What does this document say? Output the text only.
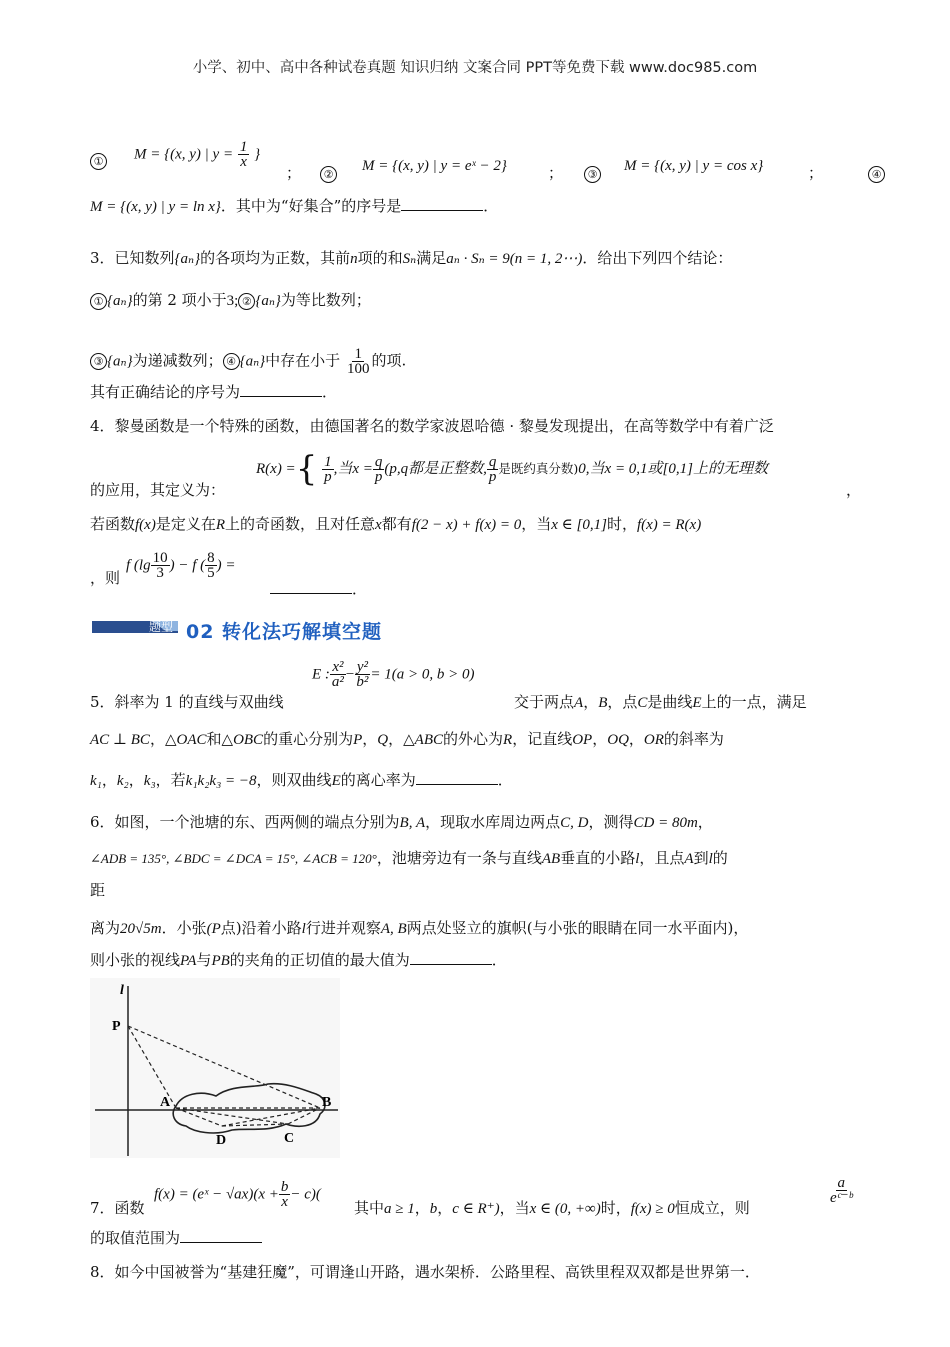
小学、初中、高中各种试卷真题 知识归纳 文案合同 PPT等免费下载 www.doc985.com
① M = {(x, y) | $y = \frac{1}{x}$ }
；	② M = {(x, y) | y = eˣ − 2}	；	③ M = {(x, y) | y = cos x}	；	④
M = {(x, y) | y = ln x}．其中为“好集合”的序号是	．
3．已知数列{aₙ}的各项均为正数，其前n项的和Sₙ满足aₙ · Sₙ = 9(n = 1, 2⋯)．给出下列四个结论：
① {aₙ}的第 2 项小于3; ② {aₙ}为等比数列；
③ {aₙ}为递减数列； ④ {aₙ}中存在小于 $\frac{1}{100}$ 的项.
其有正确结论的序号为	．
4．黎曼函数是一个特殊的函数，由德国著名的数学家波恩哈德 · 黎曼发现提出，在高等数学中有着广泛
R(x) ={ $\frac{1}{p}$ ,当$x = \frac{q}{p} (p,q$都是正整数, $\frac{q}{p}$ 是既约真分数)0,当x = 0,1或[0,1]上的无理数
的应用，其定义为：	，
若函数f(x)是定义在R上的奇函数，且对任意x都有f(2 − x) + f(x) = 0，当x ∈ [0,1]时，f(x) = R(x)
，则
f ($\lg \frac{10}{3}$ ) − f ( $\frac{8}{5}$ ) =
．
题型 02 转化法巧解填空题
E : $\frac{\text{x²}}{\text{a²}} - \frac{\text{y²}}{\text{b²}} = 1(a > 0$, b > 0)
5．斜率为 1 的直线与双曲线	交于两点A，B，点C是曲线E上的一点，满足
AC ⊥ BC，△OAC和△OBC的重心分别为P，Q，△ABC的外心为R，记直线OP，OQ，OR的斜率为
k₁，k₂，k₃，若k₁k₂k₃ = −8，则双曲线E的离心率为	．
6．如图，一个池塘的东、西两侧的端点分别为B, A，现取水库周边两点C, D，测得CD = 80m，
∠ADB = 135°, ∠BDC = ∠DCA = 15°, ∠ACB = 120°，池塘旁边有一条与直线AB垂直的小路l，且点A到l的
距
离为20√5m．小张(P点)沿着小路l行进并观察A, B两点处竖立的旗帜(与小张的眼睛在同一水平面内)，
则小张的视线PA与PB的夹角的正切值的最大值为	．
l
P
A	B
D	C
7．函数
f(x) = (eˣ − $√ax)(x + \frac{b}{x} - c)$(
其中a ≥ 1，b，c ∈ R⁺)，当x ∈ (0, +∞)时，f(x) ≥ 0恒成立，则
$\frac{a}{\text{eᶜ⁻ᵇ}}$
的取值范围为
8．如今中国被誉为“基建狂魔”，可谓逢山开路，遇水架桥．公路里程、高铁里程双双都是世界第一．
